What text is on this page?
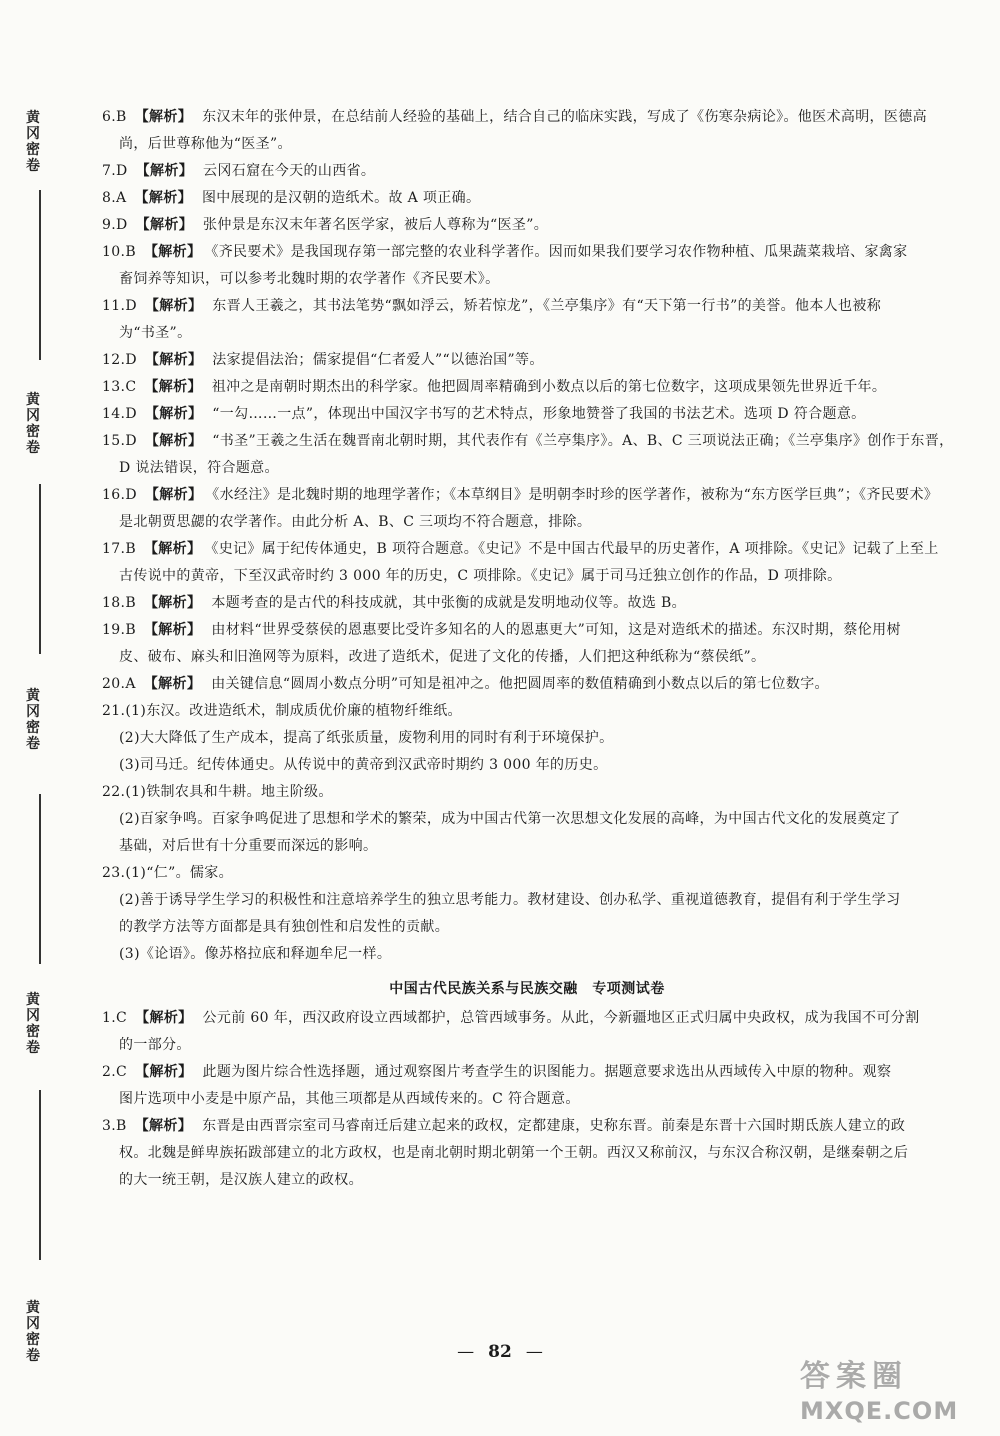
黄
冈
密
卷
黄
冈
密
卷
黄
冈
密
卷
黄
冈
密
卷
黄
冈
密
卷
6.B 【解析】 东汉末年的张仲景，在总结前人经验的基础上，结合自己的临床实践，写成了《伤寒杂病论》。他医术高明，医德高
尚，后世尊称他为“医圣”。
7.D 【解析】 云冈石窟在今天的山西省。
8.A 【解析】 图中展现的是汉朝的造纸术。故 A 项正确。
9.D 【解析】 张仲景是东汉末年著名医学家，被后人尊称为“医圣”。
10.B 【解析】 《齐民要术》是我国现存第一部完整的农业科学著作。因而如果我们要学习农作物种植、瓜果蔬菜栽培、家禽家
畜饲养等知识，可以参考北魏时期的农学著作《齐民要术》。
11.D 【解析】 东晋人王羲之，其书法笔势“飘如浮云，矫若惊龙”，《兰亭集序》有“天下第一行书”的美誉。他本人也被称
为“书圣”。
12.D 【解析】 法家提倡法治；儒家提倡“仁者爱人”“以德治国”等。
13.C 【解析】 祖冲之是南朝时期杰出的科学家。他把圆周率精确到小数点以后的第七位数字，这项成果领先世界近千年。
14.D 【解析】 “一勾……一点”，体现出中国汉字书写的艺术特点，形象地赞誉了我国的书法艺术。选项 D 符合题意。
15.D 【解析】 “书圣”王羲之生活在魏晋南北朝时期，其代表作有《兰亭集序》。A、B、C 三项说法正确；《兰亭集序》创作于东晋，
D 说法错误，符合题意。
16.D 【解析】 《水经注》是北魏时期的地理学著作；《本草纲目》是明朝李时珍的医学著作，被称为“东方医学巨典”；《齐民要术》
是北朝贾思勰的农学著作。由此分析 A、B、C 三项均不符合题意，排除。
17.B 【解析】 《史记》属于纪传体通史，B 项符合题意。《史记》不是中国古代最早的历史著作，A 项排除。《史记》记载了上至上
古传说中的黄帝，下至汉武帝时约 3 000 年的历史，C 项排除。《史记》属于司马迁独立创作的作品，D 项排除。
18.B 【解析】 本题考查的是古代的科技成就，其中张衡的成就是发明地动仪等。故选 B。
19.B 【解析】 由材料“世界受蔡侯的恩惠要比受许多知名的人的恩惠更大”可知，这是对造纸术的描述。东汉时期，蔡伦用树
皮、破布、麻头和旧渔网等为原料，改进了造纸术，促进了文化的传播，人们把这种纸称为“蔡侯纸”。
20.A 【解析】 由关键信息“圆周小数点分明”可知是祖冲之。他把圆周率的数值精确到小数点以后的第七位数字。
21.(1)东汉。改进造纸术，制成质优价廉的植物纤维纸。
(2)大大降低了生产成本，提高了纸张质量，废物利用的同时有利于环境保护。
(3)司马迁。纪传体通史。从传说中的黄帝到汉武帝时期约 3 000 年的历史。
22.(1)铁制农具和牛耕。地主阶级。
(2)百家争鸣。百家争鸣促进了思想和学术的繁荣，成为中国古代第一次思想文化发展的高峰，为中国古代文化的发展奠定了
基础，对后世有十分重要而深远的影响。
23.(1)“仁”。儒家。
(2)善于诱导学生学习的积极性和注意培养学生的独立思考能力。教材建设、创办私学、重视道德教育，提倡有利于学生学习
的教学方法等方面都是具有独创性和启发性的贡献。
(3)《论语》。像苏格拉底和释迦牟尼一样。
中国古代民族关系与民族交融　专项测试卷
1.C 【解析】 公元前 60 年，西汉政府设立西域都护，总管西域事务。从此，今新疆地区正式归属中央政权，成为我国不可分割
的一部分。
2.C 【解析】 此题为图片综合性选择题，通过观察图片考查学生的识图能力。据题意要求选出从西域传入中原的物种。观察
图片选项中小麦是中原产品，其他三项都是从西域传来的。C 符合题意。
3.B 【解析】 东晋是由西晋宗室司马睿南迁后建立起来的政权，定都建康，史称东晋。前秦是东晋十六国时期氐族人建立的政
权。北魏是鲜卑族拓跋部建立的北方政权，也是南北朝时期北朝第一个王朝。西汉又称前汉，与东汉合称汉朝，是继秦朝之后
的大一统王朝，是汉族人建立的政权。
— 82 —
答案圈
MXQE.COM
